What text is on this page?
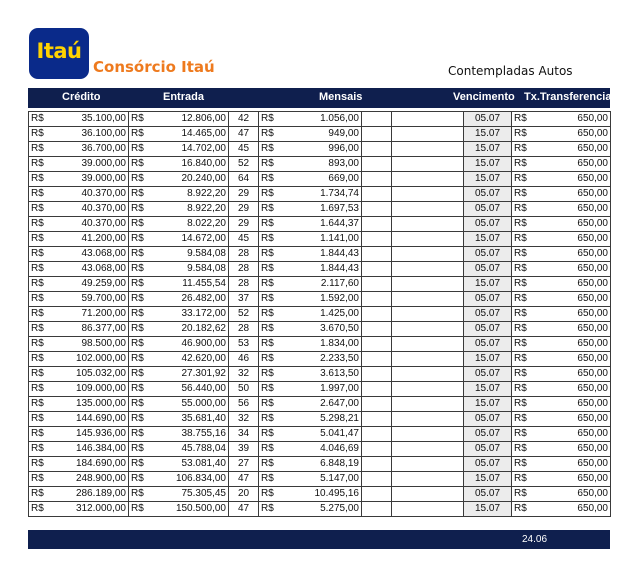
Itaú
Consórcio Itaú	Contempladas Autos
Crédito	Entrada	Mensais	Vencimento Tx.Transferencia
R$	35.100,00	R$	12.806,00	42	R$	1.056,00			05.07	R$	650,00
R$	36.100,00	R$	14.465,00	47	R$	949,00			15.07	R$	650,00
R$	36.700,00	R$	14.702,00	45	R$	996,00			15.07	R$	650,00
R$	39.000,00	R$	16.840,00	52	R$	893,00			15.07	R$	650,00
R$	39.000,00	R$	20.240,00	64	R$	669,00			15.07	R$	650,00
R$	40.370,00	R$	8.922,20	29	R$	1.734,74			05.07	R$	650,00
R$	40.370,00	R$	8.922,20	29	R$	1.697,53			05.07	R$	650,00
R$	40.370,00	R$	8.022,20	29	R$	1.644,37			05.07	R$	650,00
R$	41.200,00	R$	14.672,00	45	R$	1.141,00			15.07	R$	650,00
R$	43.068,00	R$	9.584,08	28	R$	1.844,43			05.07	R$	650,00
R$	43.068,00	R$	9.584,08	28	R$	1.844,43			05.07	R$	650,00
R$	49.259,00	R$	11.455,54	28	R$	2.117,60			15.07	R$	650,00
R$	59.700,00	R$	26.482,00	37	R$	1.592,00			05.07	R$	650,00
R$	71.200,00	R$	33.172,00	52	R$	1.425,00			05.07	R$	650,00
R$	86.377,00	R$	20.182,62	28	R$	3.670,50			05.07	R$	650,00
R$	98.500,00	R$	46.900,00	53	R$	1.834,00			05.07	R$	650,00
R$	102.000,00	R$	42.620,00	46	R$	2.233,50			15.07	R$	650,00
R$	105.032,00	R$	27.301,92	32	R$	3.613,50			05.07	R$	650,00
R$	109.000,00	R$	56.440,00	50	R$	1.997,00			15.07	R$	650,00
R$	135.000,00	R$	55.000,00	56	R$	2.647,00			15.07	R$	650,00
R$	144.690,00	R$	35.681,40	32	R$	5.298,21			05.07	R$	650,00
R$	145.936,00	R$	38.755,16	34	R$	5.041,47			05.07	R$	650,00
R$	146.384,00	R$	45.788,04	39	R$	4.046,69			05.07	R$	650,00
R$	184.690,00	R$	53.081,40	27	R$	6.848,19			05.07	R$	650,00
R$	248.900,00	R$	106.834,00	47	R$	5.147,00			15.07	R$	650,00
R$	286.189,00	R$	75.305,45	20	R$	10.495,16			05.07	R$	650,00
R$	312.000,00	R$	150.500,00	47	R$	5.275,00			15.07	R$	650,00
24.06
